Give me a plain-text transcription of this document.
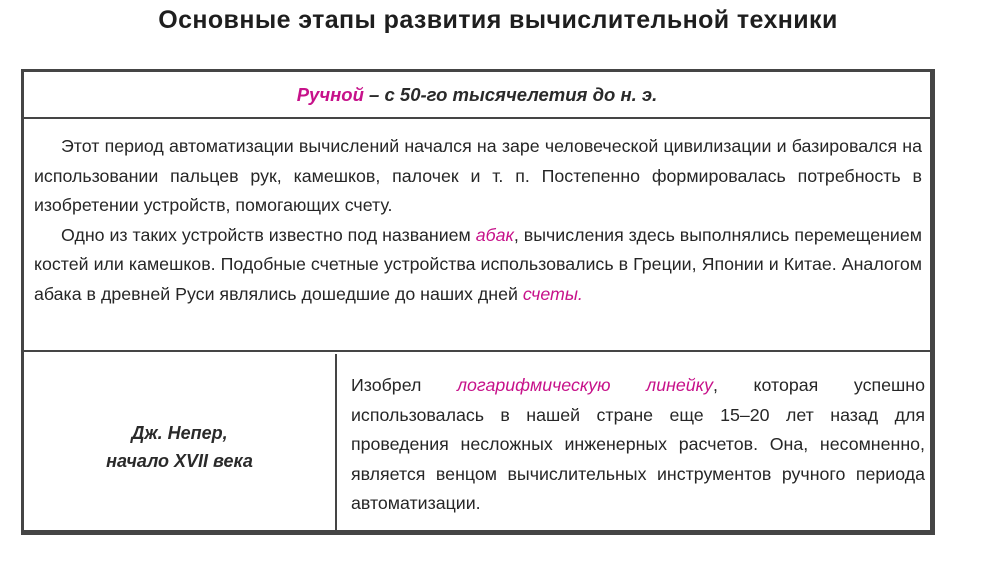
Основные этапы развития вычислительной техники
Ручной – с 50-го тысячелетия до н. э.

Этот период автоматизации вычислений начался на заре человеческой цивилизации и базировался на использовании пальцев рук, камешков, палочек и т. п. Постепенно формировалась потребность в изобретении устройств, помогающих счету.

Одно из таких устройств известно под названием абак, вычисления здесь выполнялись перемещением костей или камешков. Подобные счетные устройства использовались в Греции, Японии и Китае. Аналогом абака в древней Руси являлись дошедшие до наших дней счеты.

Дж. Непер,
начало XVII века

Изобрел логарифмическую линейку, которая успешно использовалась в нашей стране еще 15–20 лет назад для проведения несложных инженерных расчетов. Она, несомненно, является венцом вычислительных инструментов ручного периода автоматизации.
